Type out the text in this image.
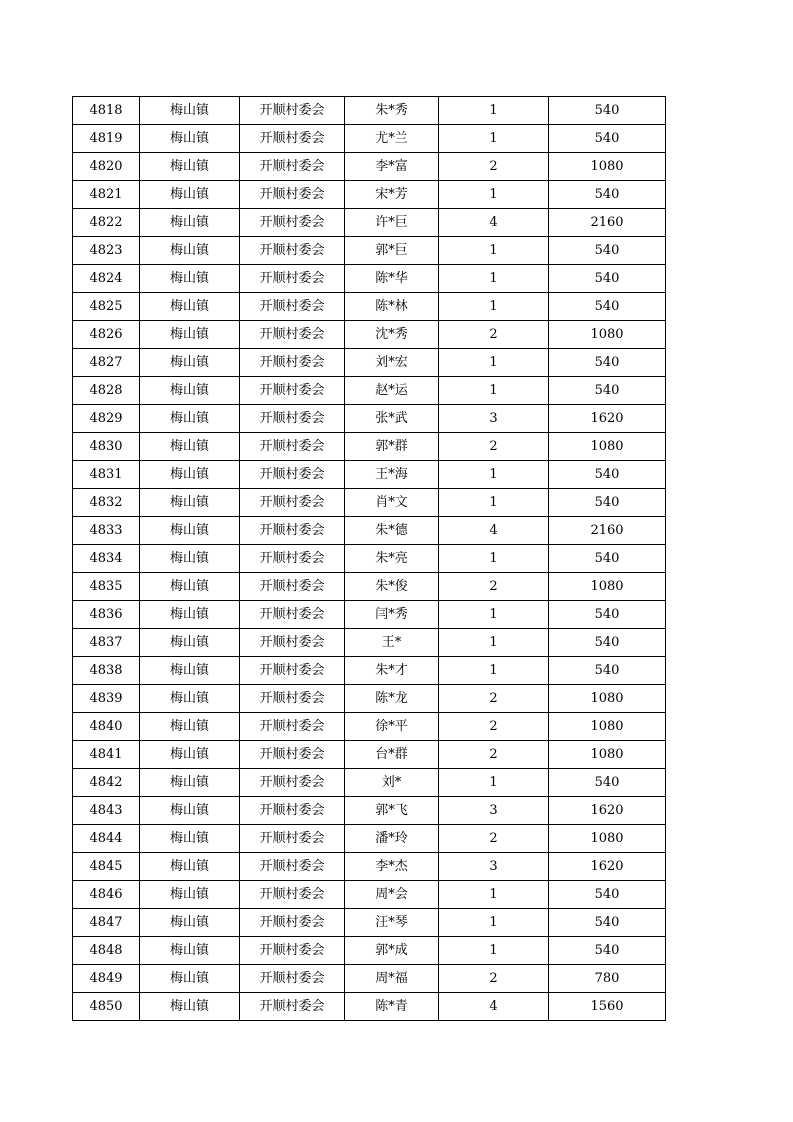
4818	梅山镇	开顺村委会	朱*秀	1	540
4819	梅山镇	开顺村委会	尤*兰	1	540
4820	梅山镇	开顺村委会	李*富	2	1080
4821	梅山镇	开顺村委会	宋*芳	1	540
4822	梅山镇	开顺村委会	许*巨	4	2160
4823	梅山镇	开顺村委会	郭*巨	1	540
4824	梅山镇	开顺村委会	陈*华	1	540
4825	梅山镇	开顺村委会	陈*林	1	540
4826	梅山镇	开顺村委会	沈*秀	2	1080
4827	梅山镇	开顺村委会	刘*宏	1	540
4828	梅山镇	开顺村委会	赵*运	1	540
4829	梅山镇	开顺村委会	张*武	3	1620
4830	梅山镇	开顺村委会	郭*群	2	1080
4831	梅山镇	开顺村委会	王*海	1	540
4832	梅山镇	开顺村委会	肖*文	1	540
4833	梅山镇	开顺村委会	朱*德	4	2160
4834	梅山镇	开顺村委会	朱*亮	1	540
4835	梅山镇	开顺村委会	朱*俊	2	1080
4836	梅山镇	开顺村委会	闫*秀	1	540
4837	梅山镇	开顺村委会	王*	1	540
4838	梅山镇	开顺村委会	朱*才	1	540
4839	梅山镇	开顺村委会	陈*龙	2	1080
4840	梅山镇	开顺村委会	徐*平	2	1080
4841	梅山镇	开顺村委会	台*群	2	1080
4842	梅山镇	开顺村委会	刘*	1	540
4843	梅山镇	开顺村委会	郭*飞	3	1620
4844	梅山镇	开顺村委会	潘*玲	2	1080
4845	梅山镇	开顺村委会	李*杰	3	1620
4846	梅山镇	开顺村委会	周*会	1	540
4847	梅山镇	开顺村委会	汪*琴	1	540
4848	梅山镇	开顺村委会	郭*成	1	540
4849	梅山镇	开顺村委会	周*福	2	780
4850	梅山镇	开顺村委会	陈*青	4	1560
